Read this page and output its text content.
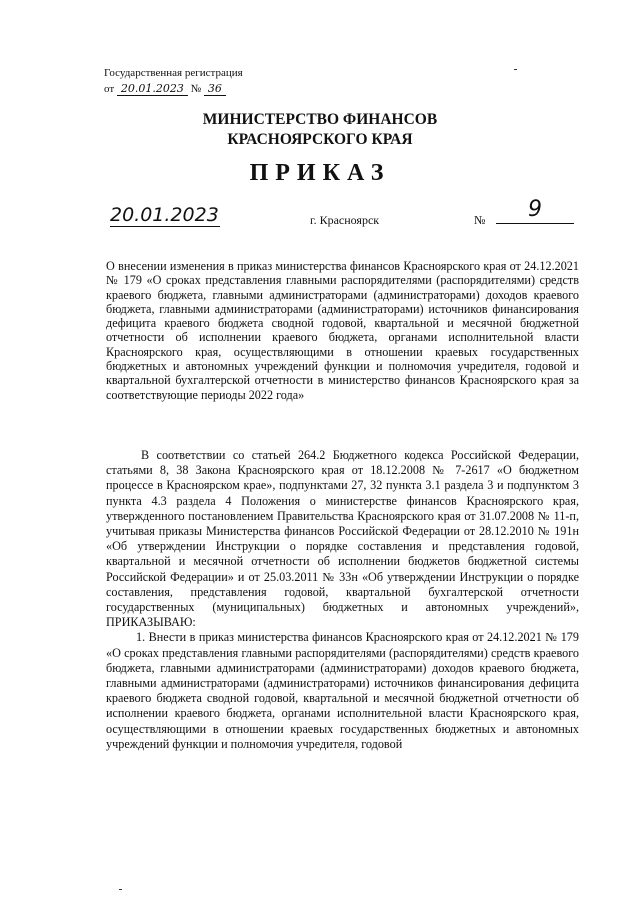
Государственная регистрация
от 20.01.2023 № 36
МИНИСТЕРСТВО ФИНАНСОВ
КРАСНОЯРСКОГО КРАЯ
ПРИКАЗ
20.01.2023	г. Красноярск	№	9
О внесении изменения в приказ министерства финансов Красноярского края от 24.12.2021 № 179 «О сроках представления главными распорядителями (распорядителями) средств краевого бюджета, главными администраторами (администраторами) доходов краевого бюджета, главными администраторами (администраторами) источников финансирования дефицита краевого бюджета сводной годовой, квартальной и месячной бюджетной отчетности об исполнении краевого бюджета, органами исполнительной власти Красноярского края, осуществляющими в отношении краевых государственных бюджетных и автономных учреждений функции и полномочия учредителя, годовой и квартальной бухгалтерской отчетности в министерство финансов Красноярского края за соответствующие периоды 2022 года»

В соответствии со статьей 264.2 Бюджетного кодекса Российской Федерации, статьями 8, 38 Закона Красноярского края от 18.12.2008 № 7-2617 «О бюджетном процессе в Красноярском крае», подпунктами 27, 32 пункта 3.1 раздела 3 и подпунктом 3 пункта 4.3 раздела 4 Положения о министерстве финансов Красноярского края, утвержденного постановлением Правительства Красноярского края от 31.07.2008 № 11-п, учитывая приказы Министерства финансов Российской Федерации от 28.12.2010 № 191н «Об утверждении Инструкции о порядке составления и представления годовой, квартальной и месячной отчетности об исполнении бюджетов бюджетной системы Российской Федерации» и от 25.03.2011 № 33н «Об утверждении Инструкции о порядке составления, представления годовой, квартальной бухгалтерской отчетности государственных (муниципальных) бюджетных и автономных учреждений», ПРИКАЗЫВАЮ:

1. Внести в приказ министерства финансов Красноярского края от 24.12.2021 № 179 «О сроках представления главными распорядителями (распорядителями) средств краевого бюджета, главными администраторами (администраторами) доходов краевого бюджета, главными администраторами (администраторами) источников финансирования дефицита краевого бюджета сводной годовой, квартальной и месячной бюджетной отчетности об исполнении краевого бюджета, органами исполнительной власти Красноярского края, осуществляющими в отношении краевых государственных бюджетных и автономных учреждений функции и полномочия учредителя, годовой
